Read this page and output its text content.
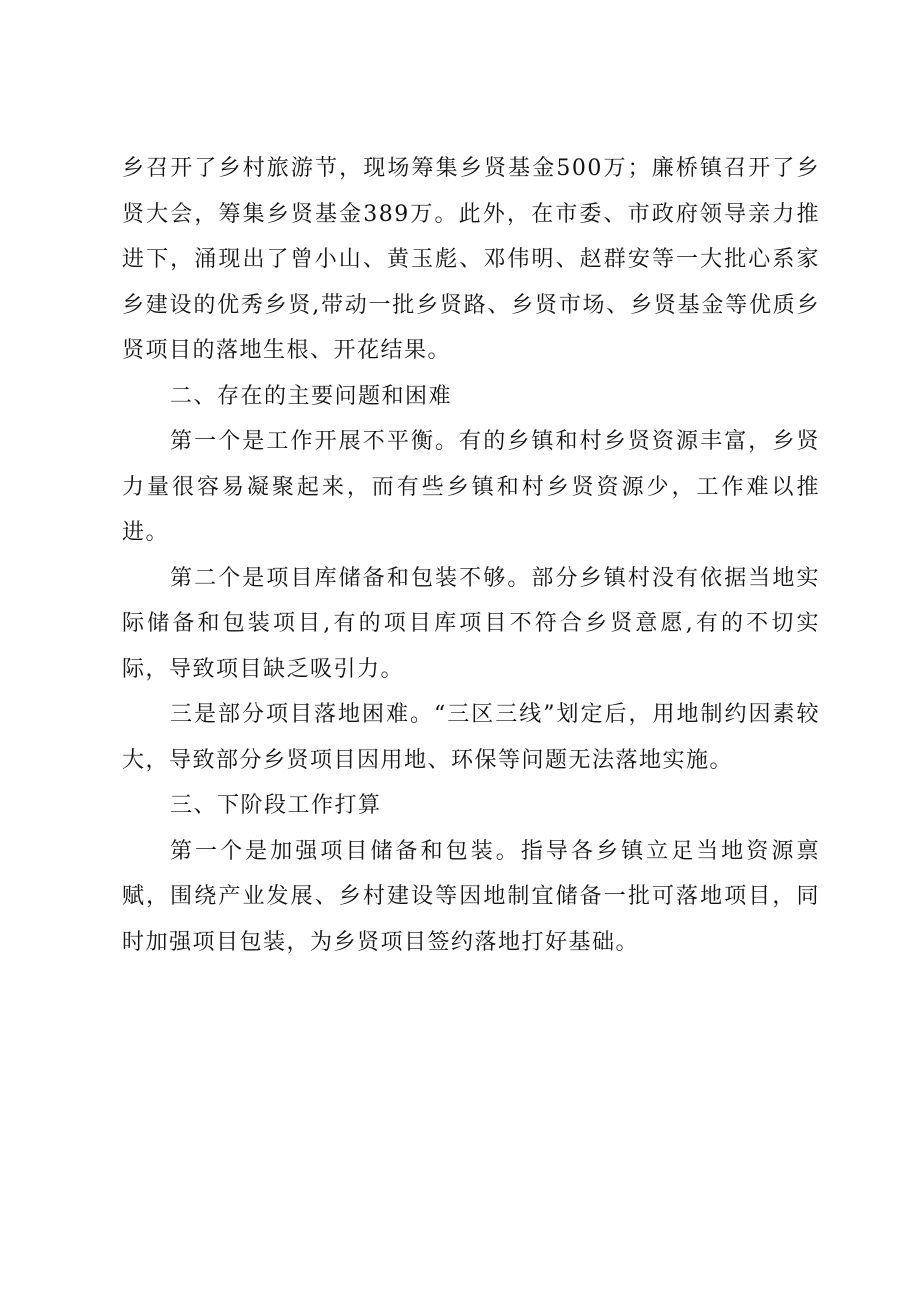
乡召开了乡村旅游节，现场筹集乡贤基金500万；廉桥镇召开了乡贤大会，筹集乡贤基金389万。此外，在市委、市政府领导亲力推进下，涌现出了曾小山、黄玉彪、邓伟明、赵群安等一大批心系家乡建设的优秀乡贤,带动一批乡贤路、乡贤市场、乡贤基金等优质乡贤项目的落地生根、开花结果。

二、存在的主要问题和困难

第一个是工作开展不平衡。有的乡镇和村乡贤资源丰富，乡贤力量很容易凝聚起来，而有些乡镇和村乡贤资源少，工作难以推进。

第二个是项目库储备和包装不够。部分乡镇村没有依据当地实际储备和包装项目,有的项目库项目不符合乡贤意愿,有的不切实际，导致项目缺乏吸引力。

三是部分项目落地困难。“三区三线”划定后，用地制约因素较大，导致部分乡贤项目因用地、环保等问题无法落地实施。

三、下阶段工作打算

第一个是加强项目储备和包装。指导各乡镇立足当地资源禀赋，围绕产业发展、乡村建设等因地制宜储备一批可落地项目，同时加强项目包装，为乡贤项目签约落地打好基础。
